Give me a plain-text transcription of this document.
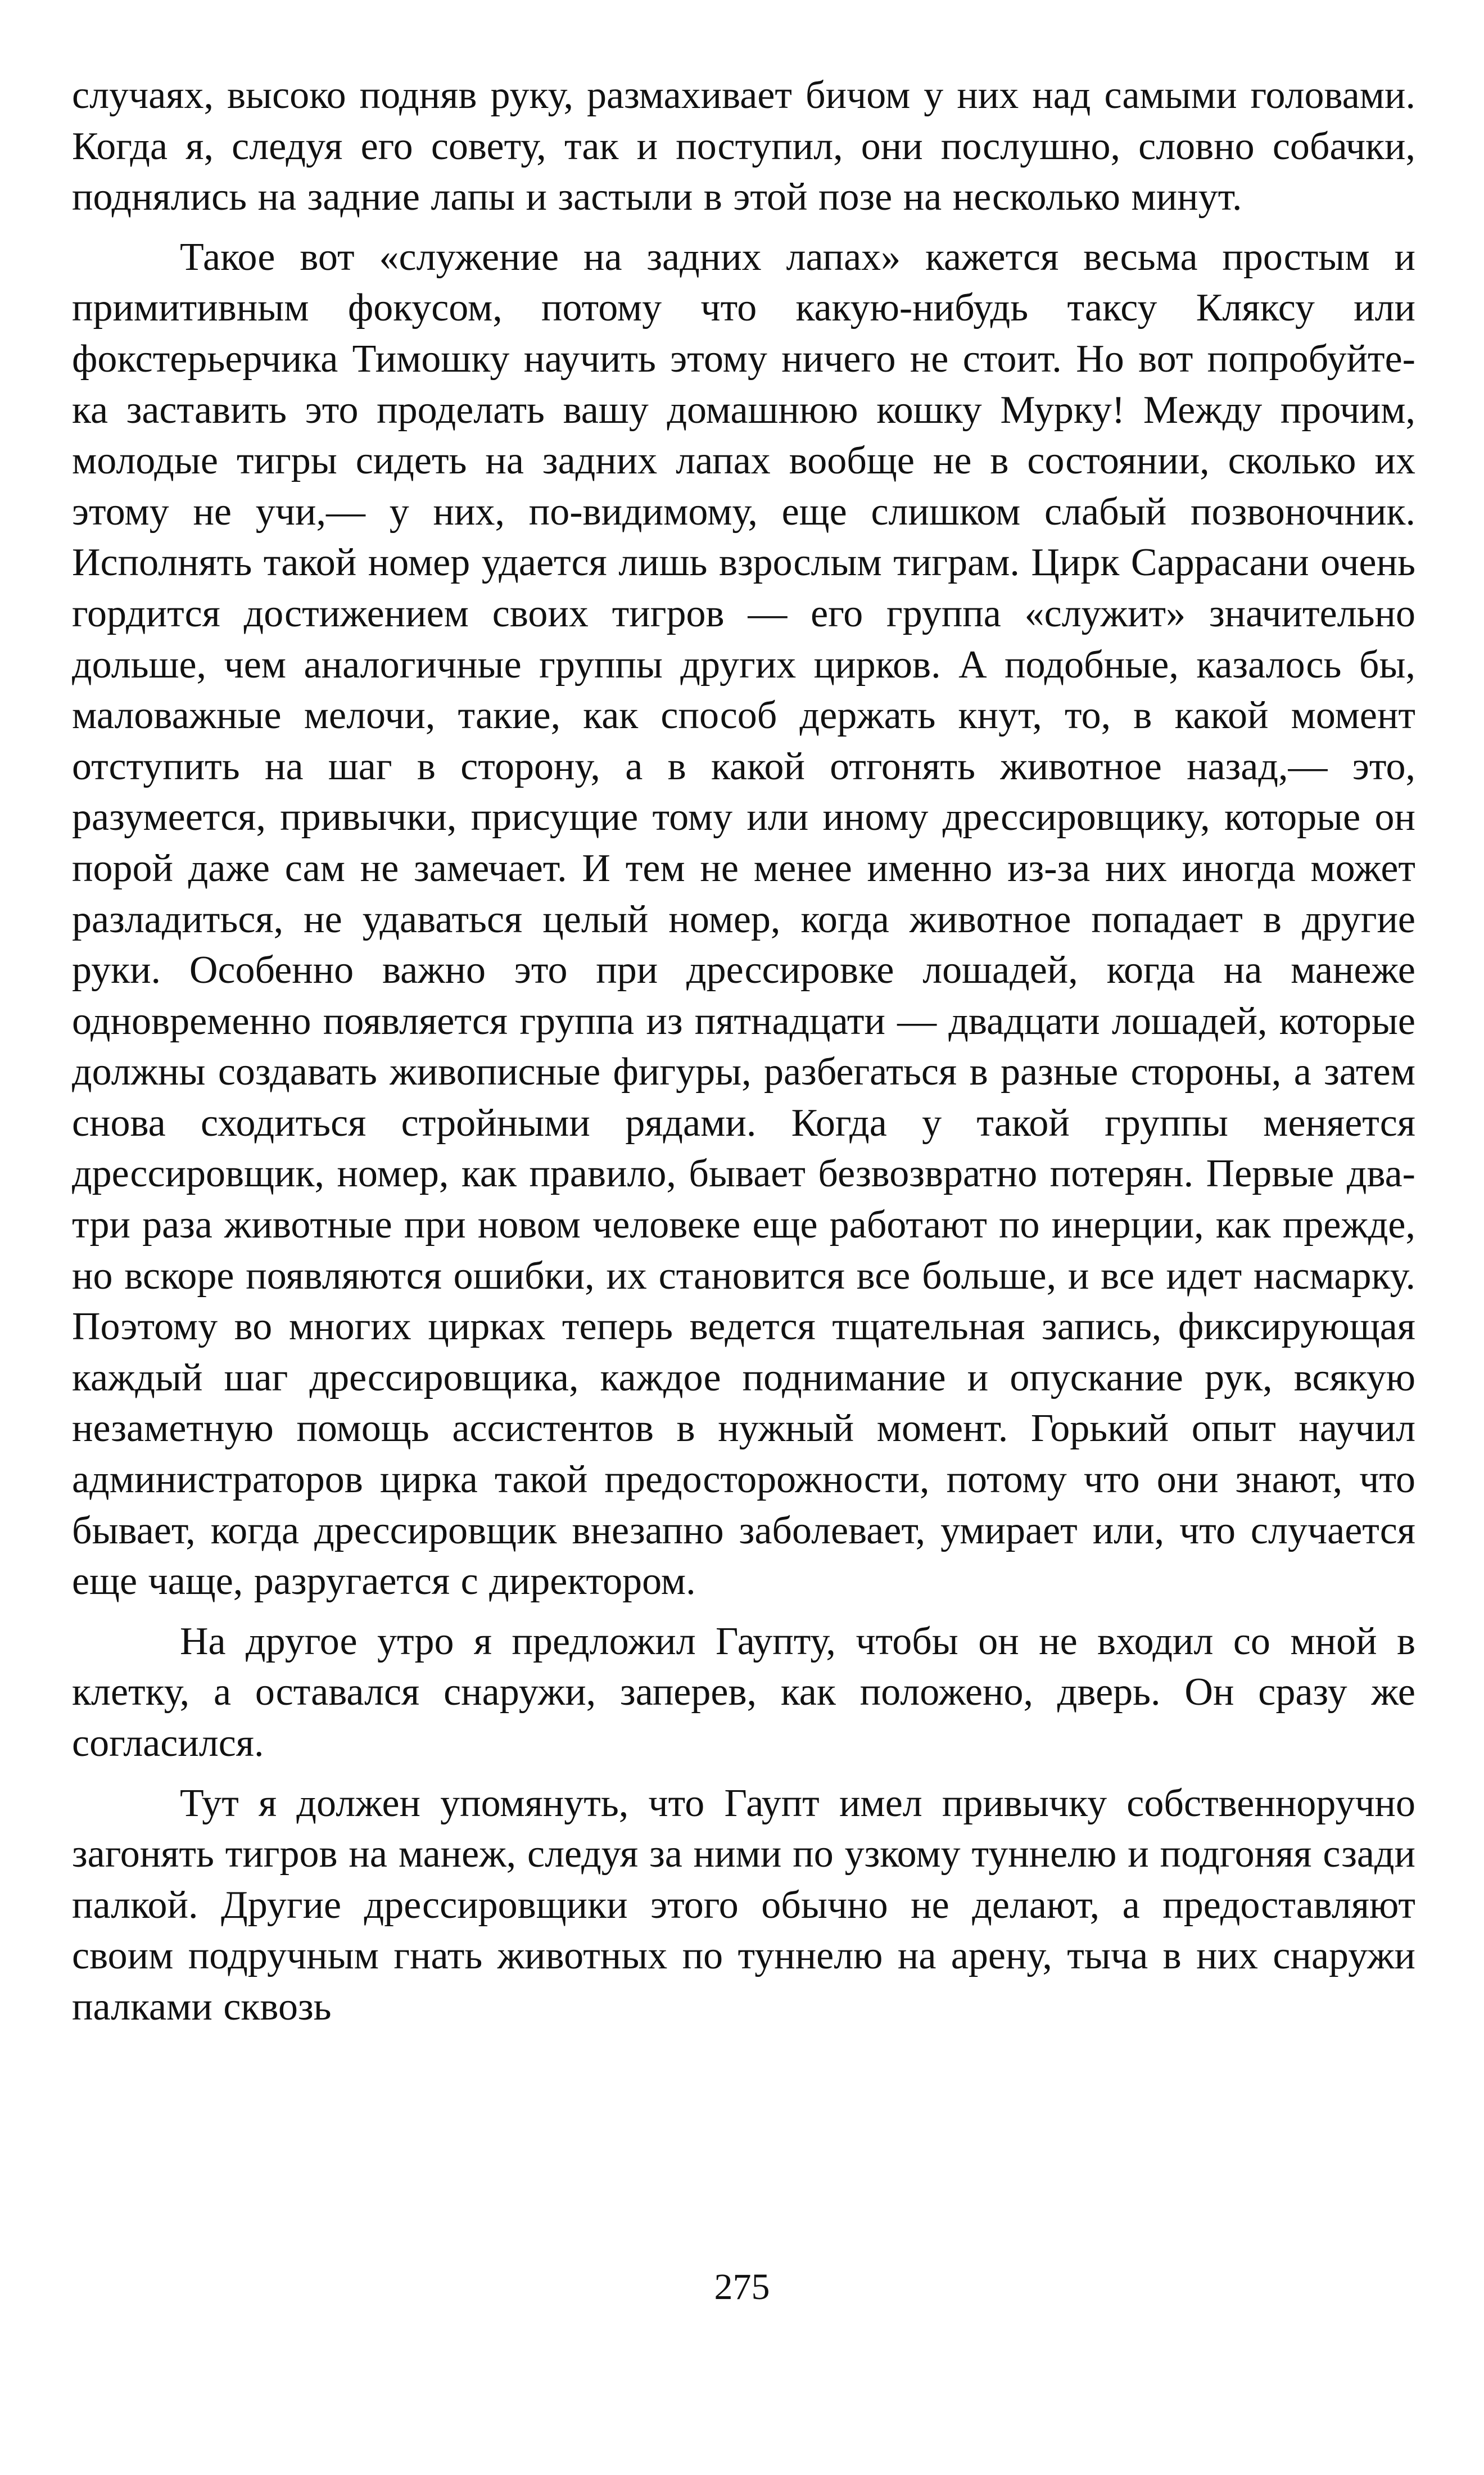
случаях, высоко подняв руку, размахивает бичом у них над самыми головами. Когда я, следуя его совету, так и поступил, они послушно, словно собачки, поднялись на задние лапы и застыли в этой позе на несколько минут.

Такое вот «служение на задних лапах» кажется весьма простым и примитивным фокусом, потому что какую-нибудь таксу Кляксу или фокстерьерчика Тимошку научить этому ничего не стоит. Но вот попробуйте-ка заставить это проделать вашу домашнюю кошку Мурку! Между прочим, молодые тигры сидеть на задних лапах вообще не в состоянии, сколько их этому не учи,— у них, по-видимому, еще слишком слабый позвоночник. Исполнять такой номер удается лишь взрослым тиграм. Цирк Саррасани очень гордится достижением своих тигров — его группа «служит» значительно дольше, чем аналогичные группы других цирков. А подобные, казалось бы, маловажные мелочи, такие, как способ держать кнут, то, в какой момент отступить на шаг в сторону, а в какой отгонять животное назад,— это, разумеется, привычки, присущие тому или иному дрессировщику, которые он порой даже сам не замечает. И тем не менее именно из-за них иногда может разладиться, не удаваться целый номер, когда животное попадает в другие руки. Особенно важно это при дрессировке лошадей, когда на манеже одновременно появляется группа из пятнадцати — двадцати лошадей, которые должны создавать живописные фигуры, разбегаться в разные стороны, а затем снова сходиться стройными рядами. Когда у такой группы меняется дрессировщик, номер, как правило, бывает безвозвратно потерян. Первые два-три раза животные при новом человеке еще работают по инерции, как прежде, но вскоре появляются ошибки, их становится все больше, и все идет насмарку. Поэтому во многих цирках теперь ведется тщательная запись, фиксирующая каждый шаг дрессировщика, каждое поднимание и опускание рук, всякую незаметную помощь ассистентов в нужный момент. Горький опыт научил администраторов цирка такой предосторожности, потому что они знают, что бывает, когда дрессировщик внезапно заболевает, умирает или, что случается еще чаще, разругается с директором.

На другое утро я предложил Гаупту, чтобы он не входил со мной в клетку, а оставался снаружи, заперев, как положено, дверь. Он сразу же согласился.

Тут я должен упомянуть, что Гаупт имел привычку собственноручно загонять тигров на манеж, следуя за ними по узкому туннелю и подгоняя сзади палкой. Другие дрессировщики этого обычно не делают, а предоставляют своим подручным гнать животных по туннелю на арену, тыча в них снаружи палками сквозь

275
